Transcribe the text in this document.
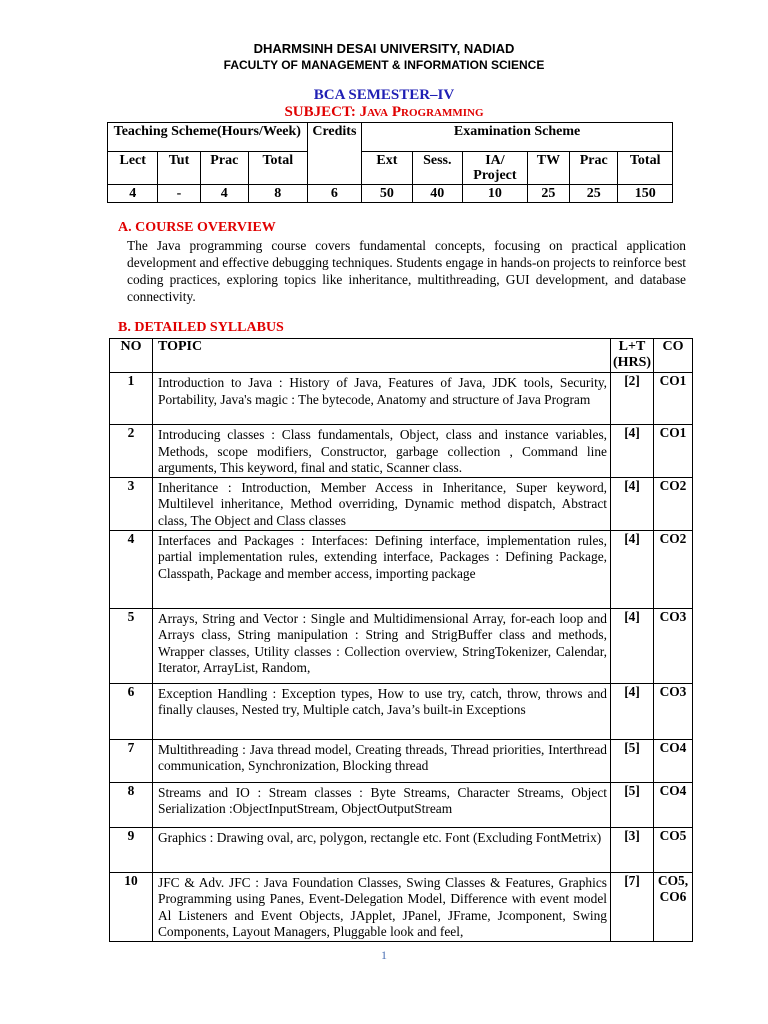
DHARMSINH DESAI UNIVERSITY, NADIAD
FACULTY OF MANAGEMENT & INFORMATION SCIENCE
BCA SEMESTER–IV
SUBJECT: Java Programming
Teaching Scheme(Hours/Week)				Credits	Examination Scheme					
Lect	Tut	Prac	Total		Ext	Sess.	IA/ Project	TW	Prac	Total
4	-	4	8	6	50	40	10	25	25	150
A. COURSE OVERVIEW
The Java programming course covers fundamental concepts, focusing on practical application development and effective debugging techniques. Students engage in hands-on projects to reinforce best coding practices, exploring topics like inheritance, multithreading, GUI development, and database connectivity.
B. DETAILED SYLLABUS
NO	TOPIC	L+T (HRS)	CO
1	Introduction to Java : History of Java, Features of Java, JDK tools, Security, Portability, Java's magic : The bytecode, Anatomy and structure of Java Program	[2]	CO1
2	Introducing classes : Class fundamentals, Object, class and instance variables, Methods, scope modifiers, Constructor, garbage collection , Command line arguments, This keyword, final and static, Scanner class.	[4]	CO1
3	Inheritance : Introduction, Member Access in Inheritance, Super keyword, Multilevel inheritance, Method overriding, Dynamic method dispatch, Abstract class, The Object and Class classes	[4]	CO2
4	Interfaces and Packages : Interfaces: Defining interface, implementation rules, partial implementation rules, extending interface, Packages : Defining Package, Classpath, Package and member access, importing package	[4]	CO2
5	Arrays, String and Vector : Single and Multidimensional Array, for-each loop and Arrays class, String manipulation : String and StrigBuffer class and methods, Wrapper classes, Utility classes : Collection overview, StringTokenizer, Calendar, Iterator, ArrayList, Random,	[4]	CO3
6	Exception Handling : Exception types, How to use try, catch, throw, throws and finally clauses, Nested try, Multiple catch, Java’s built-in Exceptions	[4]	CO3
7	Multithreading : Java thread model, Creating threads, Thread priorities, Interthread communication, Synchronization, Blocking thread	[5]	CO4
8	Streams and IO : Stream classes : Byte Streams, Character Streams, Object Serialization :ObjectInputStream, ObjectOutputStream	[5]	CO4
9	Graphics : Drawing oval, arc, polygon, rectangle etc. Font (Excluding FontMetrix)	[3]	CO5
10	JFC & Adv. JFC : Java Foundation Classes, Swing Classes & Features, Graphics Programming using Panes, Event-Delegation Model, Difference with event model Al Listeners and Event Objects, JApplet, JPanel, JFrame, Jcomponent, Swing Components, Layout Managers, Pluggable look and feel,	[7]	CO5, CO6
1
